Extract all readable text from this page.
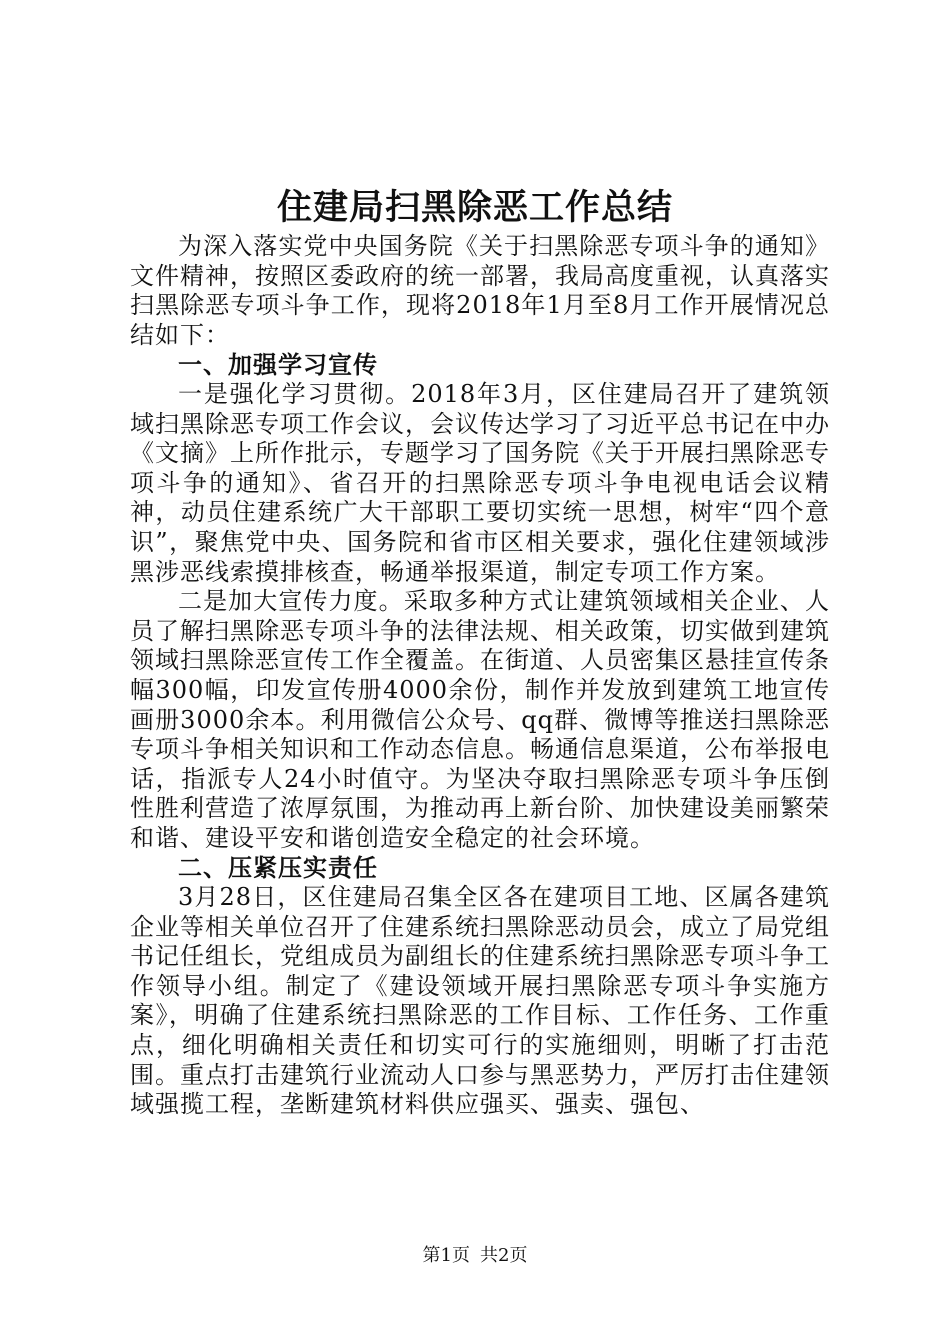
住建局扫黑除恶工作总结

为深入落实党中央国务院《关于扫黑除恶专项斗争的通知》文件精神，按照区委政府的统一部署，我局高度重视，认真落实扫黑除恶专项斗争工作，现将2018年1月至8月工作开展情况总结如下：

一、加强学习宣传

一是强化学习贯彻。2018年3月，区住建局召开了建筑领域扫黑除恶专项工作会议，会议传达学习了习近平总书记在中办《文摘》上所作批示，专题学习了国务院《关于开展扫黑除恶专项斗争的通知》、省召开的扫黑除恶专项斗争电视电话会议精神，动员住建系统广大干部职工要切实统一思想，树牢“四个意识”，聚焦党中央、国务院和省市区相关要求，强化住建领域涉黑涉恶线索摸排核查，畅通举报渠道，制定专项工作方案。

二是加大宣传力度。采取多种方式让建筑领域相关企业、人员了解扫黑除恶专项斗争的法律法规、相关政策，切实做到建筑领域扫黑除恶宣传工作全覆盖。在街道、人员密集区悬挂宣传条幅300幅，印发宣传册4000余份，制作并发放到建筑工地宣传画册3000余本。利用微信公众号、qq群、微博等推送扫黑除恶专项斗争相关知识和工作动态信息。畅通信息渠道，公布举报电话，指派专人24小时值守。为坚决夺取扫黑除恶专项斗争压倒性胜利营造了浓厚氛围，为推动再上新台阶、加快建设美丽繁荣和谐、建设平安和谐创造安全稳定的社会环境。

二、压紧压实责任

3月28日，区住建局召集全区各在建项目工地、区属各建筑企业等相关单位召开了住建系统扫黑除恶动员会，成立了局党组书记任组长，党组成员为副组长的住建系统扫黑除恶专项斗争工作领导小组。制定了《建设领域开展扫黑除恶专项斗争实施方案》，明确了住建系统扫黑除恶的工作目标、工作任务、工作重点，细化明确相关责任和切实可行的实施细则，明晰了打击范围。重点打击建筑行业流动人口参与黑恶势力，严厉打击住建领域强揽工程，垄断建筑材料供应强买、强卖、强包、

第1页 共2页
